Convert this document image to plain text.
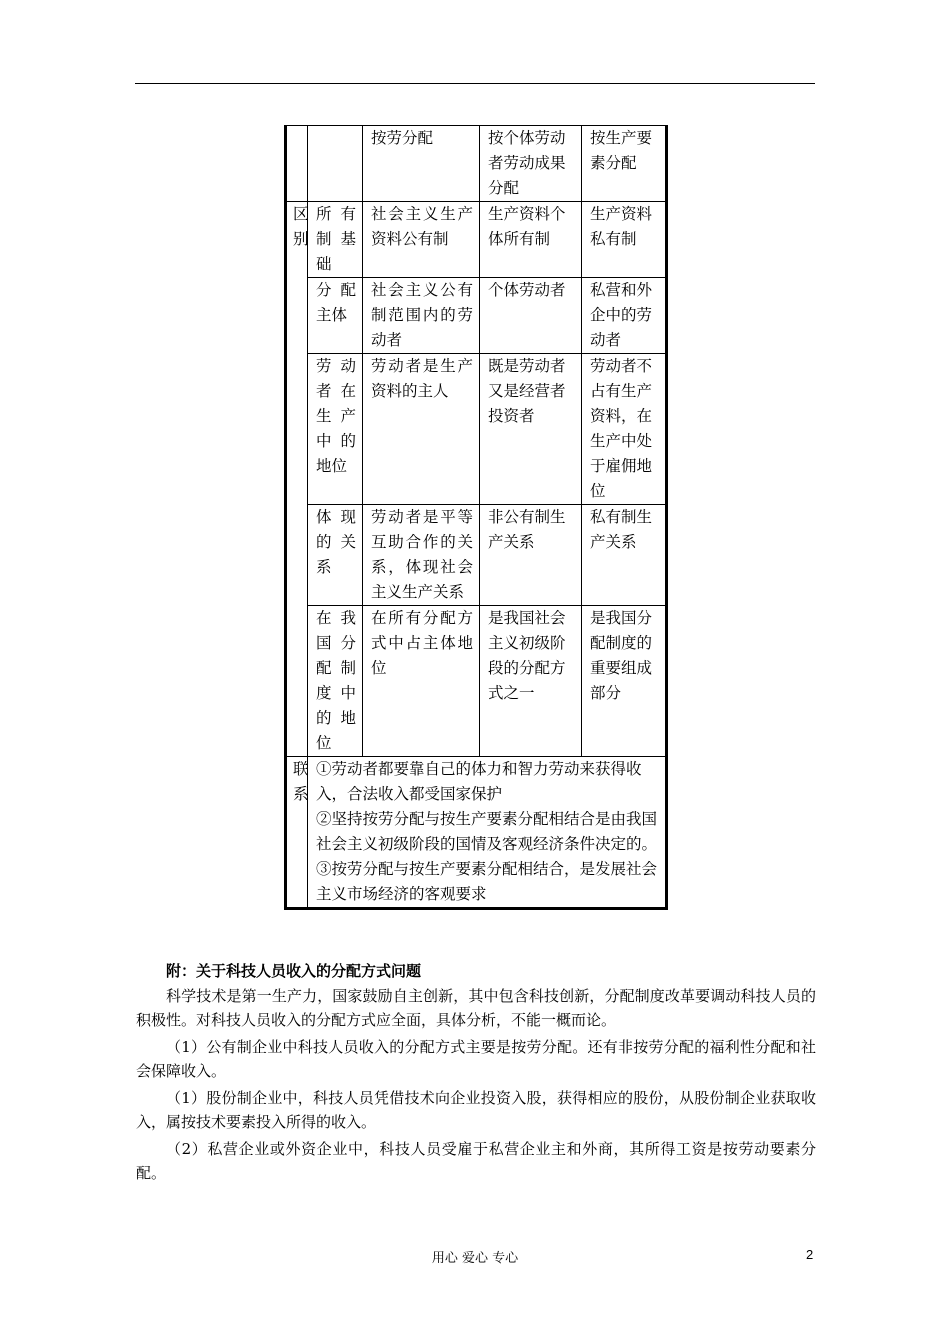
		按劳分配	按个体劳动者劳动成果分配	按生产要素分配
区别	所有制基础	社会主义生产资料公有制	生产资料个体所有制	生产资料私有制
	分配主体	社会主义公有制范围内的劳动者	个体劳动者	私营和外企中的劳动者
	劳动者在生产中的地位	劳动者是生产资料的主人	既是劳动者又是经营者投资者	劳动者不占有生产资料，在生产中处于雇佣地位
	体现的关系	劳动者是平等互助合作的关系，体现社会主义生产关系	非公有制生产关系	私有制生产关系
	在我国分配制度中的地位	在所有分配方式中占主体地位	是我国社会主义初级阶段的分配方式之一	是我国分配制度的重要组成部分
联系	①劳动者都要靠自己的体力和智力劳动来获得收入，合法收入都受国家保护
②坚持按劳分配与按生产要素分配相结合是由我国社会主义初级阶段的国情及客观经济条件决定的。
③按劳分配与按生产要素分配相结合，是发展社会主义市场经济的客观要求			

附：关于科技人员收入的分配方式问题

科学技术是第一生产力，国家鼓励自主创新，其中包含科技创新，分配制度改革要调动科技人员的积极性。对科技人员收入的分配方式应全面，具体分析，不能一概而论。

（1）公有制企业中科技人员收入的分配方式主要是按劳分配。还有非按劳分配的福利性分配和社会保障收入。

（1）股份制企业中，科技人员凭借技术向企业投资入股，获得相应的股份，从股份制企业获取收入，属按技术要素投入所得的收入。

（2）私营企业或外资企业中，科技人员受雇于私营企业主和外商，其所得工资是按劳动要素分配。

用心 爱心 专心	2
